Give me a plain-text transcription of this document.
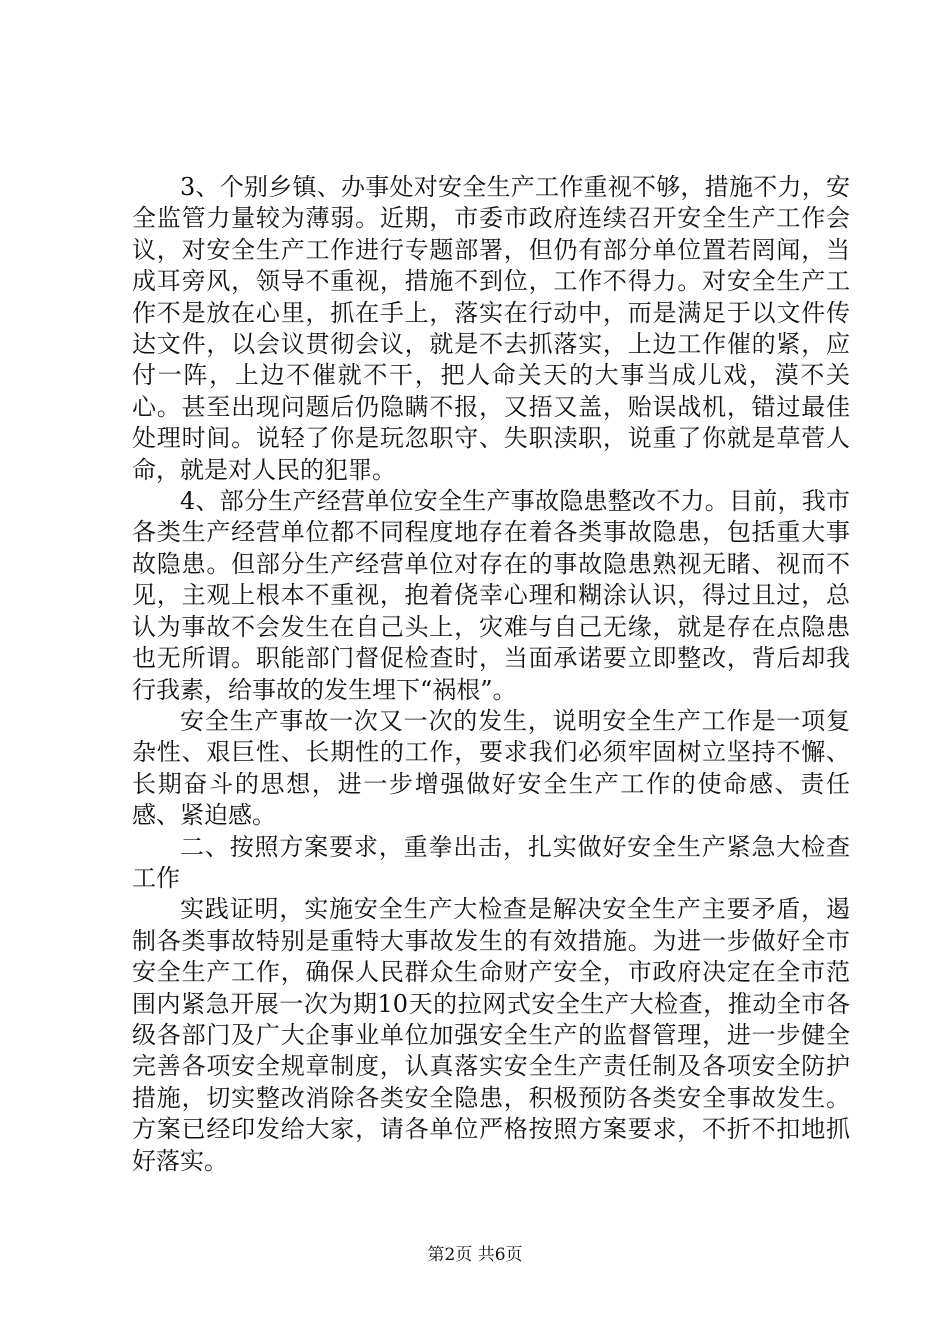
3、个别乡镇、办事处对安全生产工作重视不够，措施不力，安全监管力量较为薄弱。近期，市委市政府连续召开安全生产工作会议，对安全生产工作进行专题部署，但仍有部分单位置若罔闻，当成耳旁风，领导不重视，措施不到位，工作不得力。对安全生产工作不是放在心里，抓在手上，落实在行动中，而是满足于以文件传达文件，以会议贯彻会议，就是不去抓落实，上边工作催的紧，应付一阵，上边不催就不干，把人命关天的大事当成儿戏，漠不关心。甚至出现问题后仍隐瞒不报，又捂又盖，贻误战机，错过最佳处理时间。说轻了你是玩忽职守、失职渎职，说重了你就是草菅人命，就是对人民的犯罪。

4、部分生产经营单位安全生产事故隐患整改不力。目前，我市各类生产经营单位都不同程度地存在着各类事故隐患，包括重大事故隐患。但部分生产经营单位对存在的事故隐患熟视无睹、视而不见，主观上根本不重视，抱着侥幸心理和糊涂认识，得过且过，总认为事故不会发生在自己头上，灾难与自己无缘，就是存在点隐患也无所谓。职能部门督促检查时，当面承诺要立即整改，背后却我行我素，给事故的发生埋下“祸根”。

安全生产事故一次又一次的发生，说明安全生产工作是一项复杂性、艰巨性、长期性的工作，要求我们必须牢固树立坚持不懈、长期奋斗的思想，进一步增强做好安全生产工作的使命感、责任感、紧迫感。

二、按照方案要求，重拳出击，扎实做好安全生产紧急大检查工作

实践证明，实施安全生产大检查是解决安全生产主要矛盾，遏制各类事故特别是重特大事故发生的有效措施。为进一步做好全市安全生产工作，确保人民群众生命财产安全，市政府决定在全市范围内紧急开展一次为期10天的拉网式安全生产大检查，推动全市各级各部门及广大企事业单位加强安全生产的监督管理，进一步健全完善各项安全规章制度，认真落实安全生产责任制及各项安全防护措施，切实整改消除各类安全隐患，积极预防各类安全事故发生。方案已经印发给大家，请各单位严格按照方案要求，不折不扣地抓好落实。

第2页 共6页
